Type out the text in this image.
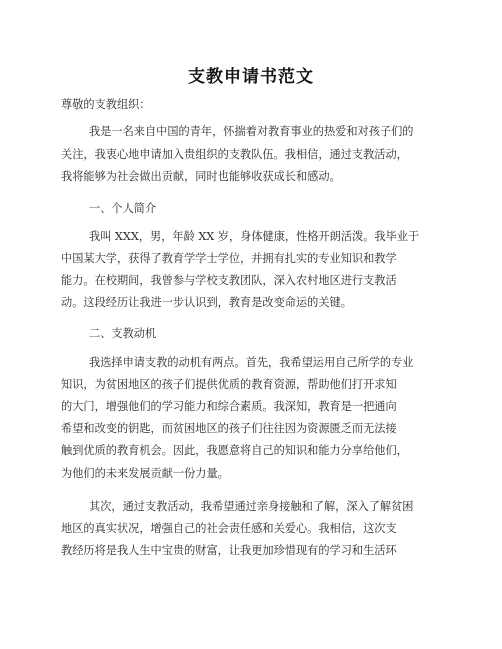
支教申请书范文

尊敬的支教组织：

我是一名来自中国的青年，怀揣着对教育事业的热爱和对孩子们的

关注，我衷心地申请加入贵组织的支教队伍。我相信，通过支教活动，

我将能够为社会做出贡献，同时也能够收获成长和感动。

一、个人简介

我叫 XXX，男，年龄 XX 岁，身体健康，性格开朗活泼。我毕业于

中国某大学，获得了教育学学士学位，并拥有扎实的专业知识和教学

能力。在校期间，我曾参与学校支教团队，深入农村地区进行支教活

动。这段经历让我进一步认识到，教育是改变命运的关键。

二、支教动机

我选择申请支教的动机有两点。首先，我希望运用自己所学的专业

知识，为贫困地区的孩子们提供优质的教育资源，帮助他们打开求知

的大门，增强他们的学习能力和综合素质。我深知，教育是一把通向

希望和改变的钥匙，而贫困地区的孩子们往往因为资源匮乏而无法接

触到优质的教育机会。因此，我愿意将自己的知识和能力分享给他们，

为他们的未来发展贡献一份力量。

其次，通过支教活动，我希望通过亲身接触和了解，深入了解贫困

地区的真实状况，增强自己的社会责任感和关爱心。我相信，这次支

教经历将是我人生中宝贵的财富，让我更加珍惜现有的学习和生活环
